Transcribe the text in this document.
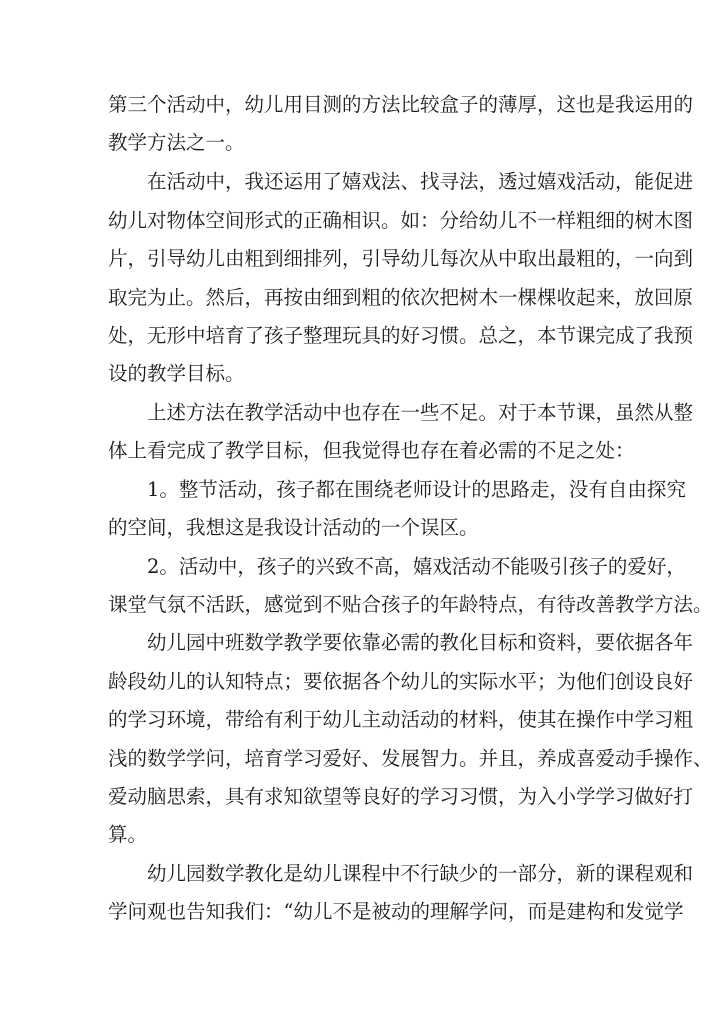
第三个活动中，幼儿用目测的方法比较盒子的薄厚，这也是我运用的
教学方法之一。
在活动中，我还运用了嬉戏法、找寻法，透过嬉戏活动，能促进
幼儿对物体空间形式的正确相识。如：分给幼儿不一样粗细的树木图
片，引导幼儿由粗到细排列，引导幼儿每次从中取出最粗的，一向到
取完为止。然后，再按由细到粗的依次把树木一棵棵收起来，放回原
处，无形中培育了孩子整理玩具的好习惯。总之，本节课完成了我预
设的教学目标。
上述方法在教学活动中也存在一些不足。对于本节课，虽然从整
体上看完成了教学目标，但我觉得也存在着必需的不足之处：
1。整节活动，孩子都在围绕老师设计的思路走，没有自由探究
的空间，我想这是我设计活动的一个误区。
2。活动中，孩子的兴致不高，嬉戏活动不能吸引孩子的爱好，
课堂气氛不活跃，感觉到不贴合孩子的年龄特点，有待改善教学方法。
幼儿园中班数学教学要依靠必需的教化目标和资料，要依据各年
龄段幼儿的认知特点；要依据各个幼儿的实际水平；为他们创设良好
的学习环境，带给有利于幼儿主动活动的材料，使其在操作中学习粗
浅的数学学问，培育学习爱好、发展智力。并且，养成喜爱动手操作、
爱动脑思索，具有求知欲望等良好的学习习惯，为入小学学习做好打
算。
幼儿园数学教化是幼儿课程中不行缺少的一部分，新的课程观和
学问观也告知我们：“幼儿不是被动的理解学问，而是建构和发觉学
